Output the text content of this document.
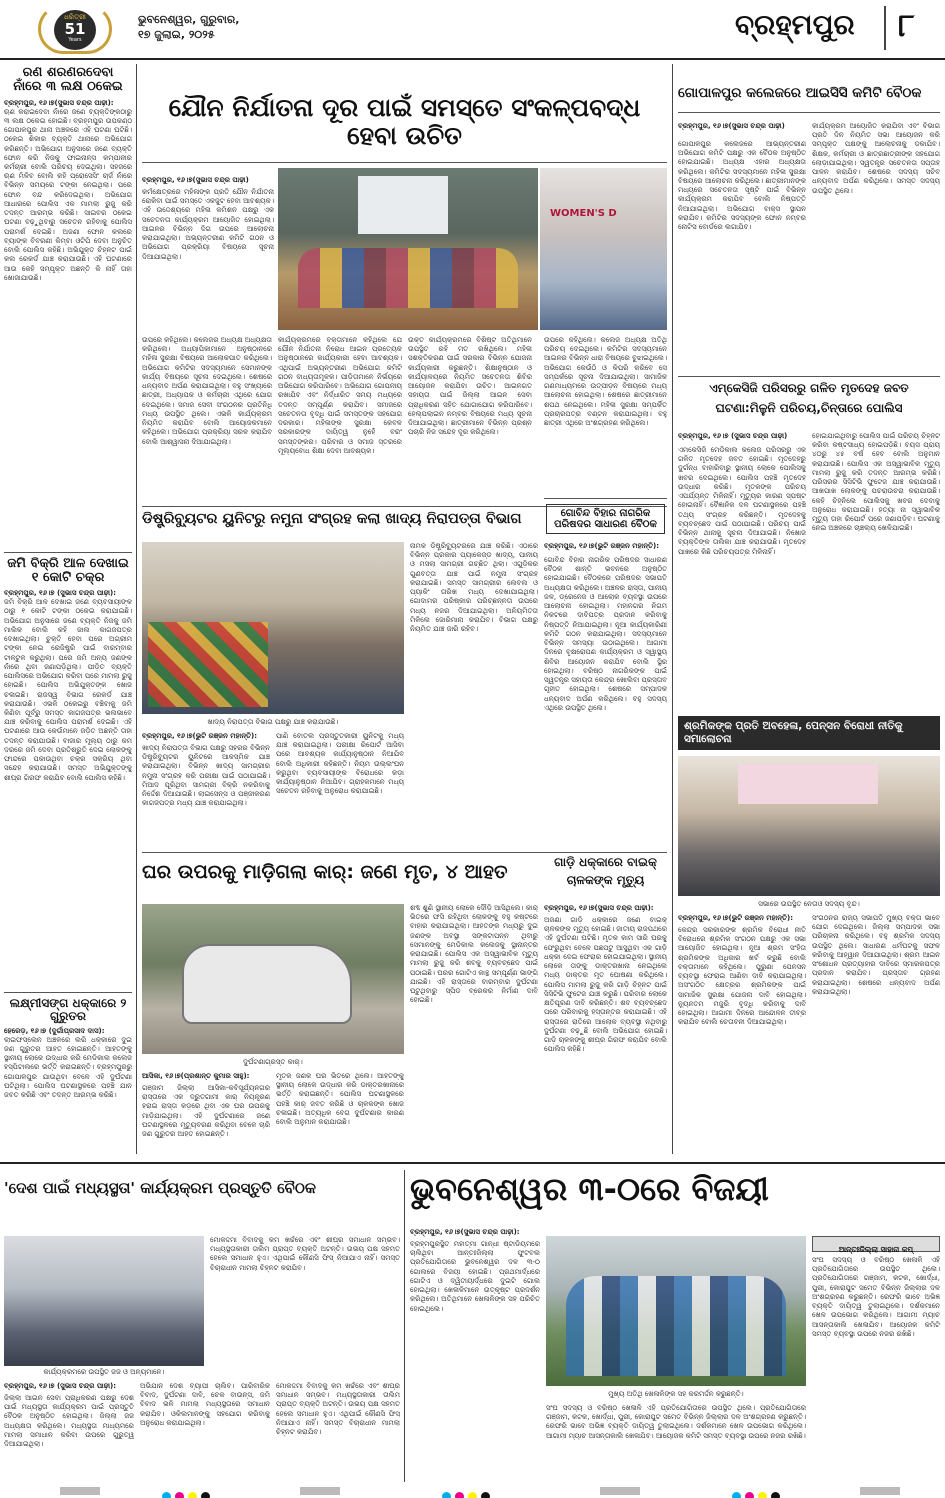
ଧରିତ୍ରୀ
51
Years
ଭୁବନେଶ୍ୱର, ଗୁରୁବାର,
୧୭ ଜୁଲାଇ, ୨୦୨୫	ବ୍ରହ୍ମପୁର ୮
ରଣ ଶରଣରଦେବା
ନାଁରେ ୩ ଲକ୍ଷ ଠକେଇ
ବ୍ରହ୍ମପୁର, ୧୬।୭(ସୁଭାସ ଚନ୍ଦ୍ର ପାଢ଼ୀ):
ଋଣ କରାଇଦେବା ନାଁରେ ଜଣେ ବ୍ୟକ୍ତିଙ୍କଠାରୁ ୩ ଲକ୍ଷ ଠକେଇ ହୋଇଛି। ବ୍ରହ୍ମପୁର ଉପକଣ୍ଠ ଗୋପାଳପୁର ଥାନା ଅଞ୍ଚଳରେ ଏହି ଘଟଣା ଘଟିଛି। ଠକେଇ ଶିକାର ବ୍ୟକ୍ତି ଥାନାରେ ଅଭିଯୋଗ କରିଛନ୍ତି। ଅଭିଯୋଗ ଅନୁସାରେ ଜଣେ ବ୍ୟକ୍ତି ଫୋନ କରି ନିଜକୁ ଫାଇନାନ୍ସ କମ୍ପାନୀର କର୍ମଚାରୀ ବୋଲି ପରିଚୟ ଦେଇଥିଲା। ସହଜରେ ଋଣ ମିଳିବ ବୋଲି କହି ପ୍ରୋସେସିଂ ଚାର୍ଜ ନାଁରେ ବିଭିନ୍ନ ସମୟରେ ଟଙ୍କା ନେଇଥିଲା। ପରେ ଫୋନ ବନ୍ଦ କରିଦେଇଥିଲା। ଅଭିଯୋଗ ଆଧାରରେ ପୋଲିସ ଏକ ମାମଲା ରୁଜୁ କରି ତଦନ୍ତ ଆରମ୍ଭ କରିଛି। ସାଇବର ଠକେଇ ଘଟଣା ବଢ଼ୁଥିବାରୁ ସଚେତନ ରହିବାକୁ ପୋଲିସ ପରାମର୍ଶ ଦେଇଛି। ଅଜଣା ଫୋନ କଲରେ ବ୍ୟାଙ୍କ ବିବରଣୀ କିମ୍ବା ଓଟିପି ଦେବା ଅନୁଚିତ ବୋଲି ପୋଲିସ କହିଛି। ଅଭିଯୁକ୍ତ ଚିହ୍ନଟ ପାଇଁ କଲ ରେକର୍ଡ ଯାଞ୍ଚ କରାଯାଉଛି। ଏହି ଘଟଣାରେ ଆଉ କେହି ସମ୍ପୃକ୍ତ ଅଛନ୍ତି କି ନାହିଁ ତାହା ଖୋଜାଯାଉଛି।
ଜମି ବିକ୍ରି ଆଳ ଦେଖାଇ
୧ କୋଟି ଚକ୍ର
ବ୍ରହ୍ମପୁର, ୧୬।୭ (ସୁଭାସ ଚନ୍ଦ୍ର ପାଢ଼ୀ):
ଜମି ବିକ୍ରି ଆଳ ଦେଖାଇ ଜଣେ ବ୍ୟବସାୟୀଙ୍କ ଠାରୁ ୧ କୋଟି ଟଙ୍କା ଠକେଇ କରାଯାଇଛି। ଅଭିଯୋଗ ଅନୁସାରେ ଜଣେ ବ୍ୟକ୍ତି ନିଜକୁ ଜମି ମାଲିକ ବୋଲି କହି ଜାଲ କାଗଜପତ୍ର ଦେଖାଇଥିଲା। ଚୁକ୍ତି ହେବା ପରେ ଅଗ୍ରୀମ ଟଙ୍କା ନେଇ ରେଜିଷ୍ଟ୍ରି ପାଇଁ ବାରମ୍ବାର ଟାଳଟୁଳ କରୁଥିଲା। ପରେ ଜମି ଅନ୍ୟ ଜଣଙ୍କ ନାଁରେ ଥିବା ଜଣାପଡ଼ିଥିଲା। ପୀଡ଼ିତ ବ୍ୟକ୍ତି ପୋଲିସରେ ଅଭିଯୋଗ କରିବା ପରେ ମାମଲା ରୁଜୁ ହୋଇଛି। ପୋଲିସ ଅଭିଯୁକ୍ତଙ୍କ ଖୋଜ ଚଳାଇଛି। ରାଜସ୍ୱ ବିଭାଗ ରେକର୍ଡ ଯାଞ୍ଚ କରାଯାଉଛି। ଏଭଳି ଠକେଇରୁ ବଞ୍ଚିବାକୁ ଜମି କିଣିବା ପୂର୍ବରୁ ସମସ୍ତ କାଗଜପତ୍ର ଭଲଭାବେ ଯାଞ୍ଚ କରିବାକୁ ପୋଲିସ ପରାମର୍ଶ ଦେଇଛି। ଏହି ଘଟଣାରେ ଆଉ କେଉଁମାନେ ଜଡ଼ିତ ଅଛନ୍ତି ତାହା ତଦନ୍ତ କରାଯାଉଛି। ବାଜାର ମୂଲ୍ୟ ଠାରୁ କମ ଦରରେ ଜମି ଦେବା ପ୍ରତିଶ୍ରୁତି ଦେଇ ଲୋକଙ୍କୁ ଫାନ୍ଦରେ ପକାଉଥିବା ଚକ୍ର ସକ୍ରିୟ ଥିବା ସନ୍ଦେହ କରାଯାଉଛି। ସମସ୍ତ ଅଭିଯୁକ୍ତଙ୍କୁ ଶୀଘ୍ର ଗିରଫ କରାଯିବ ବୋଲି ପୋଲିସ କହିଛି।
ଲକ୍ଷ୍ମୀସଙ୍ଗ ଧକ୍କାରେ ୨ ଗୁରୁତର
ହେରେଡ଼, ୧୬।୭ (ଦୁର୍ଗାପ୍ରସାଦ ଦାସ):
ଲାଇଫସ୍ଲେନ ଅଞ୍ଚଳରେ ଲରି ଧକ୍କାରେ ଦୁଇ ଜଣ ଗୁରୁତର ଆହତ ହୋଇଛନ୍ତି। ଆହତଙ୍କୁ ସ୍ଥାନୀୟ ଲୋକେ ଉଦ୍ଧାର କରି ମେଡିକାଲ କଲେଜ ହସ୍ପିଟାଲରେ ଭର୍ତ୍ତି କରାଇଛନ୍ତି। ବ୍ରହ୍ମପୁରରୁ ଗୋପାଳପୁର ଯାଉଥିବା ବେଳେ ଏହି ଦୁର୍ଘଟଣା ଘଟିଥିଲା। ପୋଲିସ ଘଟଣାସ୍ଥଳରେ ପହଞ୍ଚି ଯାନ ଜବତ କରିଛି ଏବଂ ତଦନ୍ତ ଆରମ୍ଭ କରିଛି।
ଯୌନ ନିର୍ଯାତନା ଦୂର ପାଇଁ ସମସ୍ତେ ସଂକଳ୍ପବଦ୍ଧ ହେବା ଉଚିତ
ବ୍ରହ୍ମପୁର, ୧୬।୭(ସୁଭାସ ଚନ୍ଦ୍ର ପାଢ଼ୀ)
କର୍ମକ୍ଷେତ୍ରରେ ମହିଳାଙ୍କ ପ୍ରତି ଯୌନ ନିର୍ଯାତନା ରୋକିବା ପାଇଁ ସମସ୍ତେ ଏକଜୁଟ ହେବା ଆବଶ୍ୟକ। ଏହି ଉଦ୍ଦେଶ୍ୟରେ ମହିଳା କମିଶନ ପକ୍ଷରୁ ଏକ ସଚେତନତା କାର୍ଯ୍ୟକ୍ରମ ଆୟୋଜିତ ହୋଇଥିଲା। ଆଇନର ବିଭିନ୍ନ ଦିଗ ଉପରେ ଆଲୋଚନା କରାଯାଇଥିଲା। ଅଭ୍ୟନ୍ତରୀଣ କମିଟି ଗଠନ ଓ ଅଭିଯୋଗ ପ୍ରକ୍ରିୟା ବିଷୟରେ ସୂଚନା ଦିଆଯାଇଥିଲା।
WOMEN'S D
କାର୍ଯ୍ୟକ୍ରମରେ ବକ୍ତାମାନେ କହିଥିଲେ ଯେ ଯୌନ ନିର୍ଯାତନା ନିରୋଧ ଆଇନ ପ୍ରତ୍ୟେକ ଅନୁଷ୍ଠାନରେ କାର୍ଯ୍ୟକାରୀ ହେବା ଆବଶ୍ୟକ। ଏଥିପାଇଁ ଅଭ୍ୟନ୍ତରୀଣ ଅଭିଯୋଗ କମିଟି ଗଠନ ବାଧ୍ୟତାମୂଳକ। ପୀଡ଼ିତାମାନେ ନିର୍ଭୟରେ ଅଭିଯୋଗ କରିପାରିବେ। ଅଭିଯୋଗ ଗୋପନୀୟ ରଖାଯିବ ଏବଂ ନିର୍ଦ୍ଧାରିତ ସମୟ ମଧ୍ୟରେ ତଦନ୍ତ ସମ୍ପୂର୍ଣ୍ଣ କରାଯିବ। ସମାଜରେ ସଚେତନତା ବୃଦ୍ଧି ପାଇଁ ସମସ୍ତଙ୍କ ସହଯୋଗ ଦରକାର। ମହିଳାଙ୍କ ସୁରକ୍ଷା କେବଳ ସରକାରଙ୍କ ଦାୟିତ୍ୱ ନୁହେଁ ବରଂ ସମସ୍ତଙ୍କର। ପରିବାର ଓ ସମାଜ ସ୍ତରରେ ମୂଲ୍ୟବୋଧ ଶିକ୍ଷା ଦେବା ଆବଶ୍ୟକ।
ଉକ୍ତ କାର୍ଯ୍ୟକ୍ରମରେ ବିଶିଷ୍ଟ ଅତିଥିମାନେ ଉପସ୍ଥିତ ରହି ମତ ରଖିଥିଲେ। ମହିଳା ସଶକ୍ତିକରଣ ପାଇଁ ସରକାର ବିଭିନ୍ନ ଯୋଜନା କାର୍ଯ୍ୟକାରୀ କରୁଛନ୍ତି। ଶିକ୍ଷାନୁଷ୍ଠାନ ଓ କାର୍ଯ୍ୟାଳୟରେ ନିୟମିତ ସଚେତନତା ଶିବିର ଆୟୋଜନ କରାଯିବା ଉଚିତ। ଆଇନଗତ ସହାୟତା ପାଇଁ ଜିଲ୍ଲା ଆଇନ ସେବା ପ୍ରାଧିକରଣ ସହିତ ଯୋଗାଯୋଗ କରିପାରିବେ। ହେଲ୍ପଲାଇନ ନମ୍ବର ବିଷୟରେ ମଧ୍ୟ ସୂଚନା ଦିଆଯାଇଥିଲା। ଛାତ୍ରୀମାନେ ବିଭିନ୍ନ ପ୍ରଶ୍ନ ପଚାରି ନିଜ ସନ୍ଦେହ ଦୂର କରିଥିଲେ।
ଉପରେ କହିଥିଲେ। କଲେଜର ଅଧ୍ୟକ୍ଷ ଅଧ୍ୟକ୍ଷତା କରିଥିଲେ। ଅଧ୍ୟାପିକାମାନେ ଅନୁଷ୍ଠାନରେ ମହିଳା ସୁରକ୍ଷା ବିଷୟରେ ଆଲୋକପାତ କରିଥିଲେ। ଅଭିଯୋଗ କମିଟିର ସଦସ୍ୟମାନେ ସେମାନଙ୍କ କାର୍ଯ୍ୟ ବିଷୟରେ ସୂଚନା ଦେଇଥିଲେ। ଶେଷରେ ଧନ୍ୟବାଦ ଅର୍ପଣ କରାଯାଇଥିଲା। ବହୁ ସଂଖ୍ୟାରେ ଛାତ୍ରୀ, ଅଧ୍ୟାପକ ଓ କର୍ମଚାରୀ ଏଥିରେ ଯୋଗ ଦେଇଥିଲେ। ସମାଜ ସେବୀ ସଂଗଠନର ପ୍ରତିନିଧି ମଧ୍ୟ ଉପସ୍ଥିତ ଥିଲେ। ଏଭଳି କାର୍ଯ୍ୟକ୍ରମ ନିୟମିତ କରାଯିବ ବୋଲି ଆୟୋଜକମାନେ କହିଥିଲେ। ଅଭିଯୋଗ ପ୍ରକ୍ରିୟା ସରଳ କରାଯିବ ବୋଲି ଆଶ୍ୱାସନା ଦିଆଯାଇଥିଲା।
ଉପରେ କହିଥିଲେ। କଲେଜ ଅଧ୍ୟକ୍ଷ ଅତିଥି ପରିଚୟ ଦେଇଥିଲେ। କମିଟିର ସଦସ୍ୟମାନେ ଆଇନର ବିଭିନ୍ନ ଧାରା ବିଷୟରେ ବୁଝାଇଥିଲେ। ଅଭିଯୋଗ କେଉଁଠି ଓ କିପରି କରିବେ ସେ ସମ୍ପର୍କରେ ସୂଚନା ଦିଆଯାଇଥିଲା। ସାମାଜିକ ଗଣମାଧ୍ୟମରେ ଉତ୍ପୀଡ଼ନ ବିଷୟରେ ମଧ୍ୟ ଆଲୋଚନା ହୋଇଥିଲା। ଶେଷରେ ଛାତ୍ରୀମାନେ ଶପଥ ନେଇଥିଲେ। ମହିଳା ସୁରକ୍ଷା ସମ୍ପର୍କିତ ପ୍ରଚାରପତ୍ର ବଣ୍ଟନ କରାଯାଇଥିଲା। ବହୁ ଛାତ୍ରୀ ଏଥିରେ ଅଂଶଗ୍ରହଣ କରିଥିଲେ।
ଡିଷ୍ଟ୍ରିବ୍ୟୁଟର ୟୁନିଟରୁ ନମୁନା ସଂଗ୍ରହ କଲା ଖାଦ୍ୟ ନିରାପତ୍ତା ବିଭାଗ
ଖାଦ୍ୟ ନିରାପତ୍ତା ବିଭାଗ ପକ୍ଷରୁ ଯାଞ୍ଚ କରାଯାଉଛି।
ବ୍ରହ୍ମପୁର, ୧୬।୭(ଭୁଟି ରଞ୍ଜନ ମହାନ୍ତି):
ଖାଦ୍ୟ ନିରାପତ୍ତା ବିଭାଗ ପକ୍ଷରୁ ସହରର ବିଭିନ୍ନ ଡିଷ୍ଟ୍ରିବ୍ୟୁଟର ୟୁନିଟରେ ଆକସ୍ମିକ ଯାଞ୍ଚ କରାଯାଇଥିଲା। ବିଭିନ୍ନ ଖାଦ୍ୟ ସାମଗ୍ରୀର ନମୁନା ସଂଗ୍ରହ କରି ପରୀକ୍ଷା ପାଇଁ ପଠାଯାଇଛି। ମିଆଦ ପୂରିଥିବା ସାମଗ୍ରୀ ବିକ୍ରି ନକରିବାକୁ ନିର୍ଦ୍ଦେଶ ଦିଆଯାଇଛି। ଲାଇସେନ୍ସ ଓ ପଞ୍ଜୀକରଣ କାଗଜପତ୍ର ମଧ୍ୟ ଯାଞ୍ଚ କରାଯାଇଥିଲା।
ପାଣି ବୋତଲ ପ୍ରସ୍ତୁତକାରୀ ୟୁନିଟକୁ ମଧ୍ୟ ଯାଞ୍ଚ କରାଯାଇଥିଲା। ପରୀକ୍ଷା ରିପୋର୍ଟ ଆସିବା ପରେ ଆବଶ୍ୟକ କାର୍ଯ୍ୟାନୁଷ୍ଠାନ ନିଆଯିବ ବୋଲି ଅଧିକାରୀ କହିଛନ୍ତି। ନିୟମ ଉଲ୍ଲଂଘନ କରୁଥିବା ବ୍ୟବସାୟୀଙ୍କ ବିରୋଧରେ କଡ଼ା କାର୍ଯ୍ୟାନୁଷ୍ଠାନ ନିଆଯିବ। ଗ୍ରାହକମାନେ ମଧ୍ୟ ସଚେତନ ରହିବାକୁ ଅନୁରୋଧ କରାଯାଇଛି।
ନାମକ ଡିଷ୍ଟ୍ରିବ୍ୟୁଟରରେ ଯାଞ୍ଚ କରିଛି। ଏଠାରେ ବିଭିନ୍ନ ପ୍ରକାର ପ୍ୟାକେଜ୍ଡ ଖାଦ୍ୟ, ପାନୀୟ ଓ ମସଲା ସାମଗ୍ରୀ ଗଚ୍ଛିତ ଥିଲା। ଏଗୁଡ଼ିକର ଗୁଣବତ୍ତା ଯାଞ୍ଚ ପାଇଁ ନମୁନା ସଂଗ୍ରହ କରାଯାଇଛି। ସମସ୍ତ ସାମଗ୍ରୀର ଲେବଲ ଓ ପ୍ୟାକିଂ ତାରିଖ ମଧ୍ୟ ଦେଖାଯାଇଥିଲା। ଗୋଦାମର ପରିଷ୍କାର ପରିଚ୍ଛନ୍ନତା ଉପରେ ମଧ୍ୟ ନଜର ଦିଆଯାଇଥିଲା। ଅନିୟମିତତା ମିଳିଲେ ଜୋରିମାନା କରାଯିବ। ବିଭାଗ ପକ୍ଷରୁ ନିୟମିତ ଯାଞ୍ଚ ଜାରି ରହିବ।
ଗୋବିନ୍ଦ ବିହାର ନାଗରିକ
ପରିଷଦର ସାଧାରଣ ବୈଠକ
ବ୍ରହ୍ମପୁର, ୧୬।୭(ଭୁଟି ରଞ୍ଜନ ମହାନ୍ତି):
ଗୋବିନ୍ଦ ବିହାର ନାଗରିକ ପରିଷଦର ସାଧାରଣ ବୈଠକ ଶାନ୍ତି ଭବନରେ ଅନୁଷ୍ଠିତ ହୋଇଯାଇଛି। ବୈଠକରେ ପରିଷଦର ସଭାପତି ଅଧ୍ୟକ୍ଷତା କରିଥିଲେ। ଅଞ୍ଚଳର ରାସ୍ତା, ପାନୀୟ ଜଳ, ଡ୍ରେନେଜ ଓ ଆଲୋକ ବ୍ୟବସ୍ଥା ଉପରେ ଆଲୋଚନା ହୋଇଥିଲା। ମହାନଗର ନିଗମ ନିକଟରେ ଦାବିପତ୍ର ପ୍ରଦାନ କରିବାକୁ ନିଷ୍ପତ୍ତି ନିଆଯାଇଥିଲା। ନୂଆ କାର୍ଯ୍ୟକାରିଣୀ କମିଟି ଗଠନ କରାଯାଇଥିଲା। ସଦସ୍ୟମାନେ ବିଭିନ୍ନ ସମସ୍ୟା ଉଠାଇଥିଲେ। ଆଗାମୀ ଦିନରେ ବୃକ୍ଷରୋପଣ କାର୍ଯ୍ୟକ୍ରମ ଓ ସ୍ୱାସ୍ଥ୍ୟ ଶିବିର ଆୟୋଜନ କରାଯିବ ବୋଲି ସ୍ଥିର ହୋଇଥିଲା। ବରିଷ୍ଠ ନାଗରିକଙ୍କ ପାଇଁ ସ୍ୱତନ୍ତ୍ର ସହାୟତା କେନ୍ଦ୍ର ଖୋଲିବା ପ୍ରସ୍ତାବ ଗୃହୀତ ହୋଇଥିଲା। ଶେଷରେ ସମ୍ପାଦକ ଧନ୍ୟବାଦ ଅର୍ପଣ କରିଥିଲେ। ବହୁ ସଦସ୍ୟ ଏଥିରେ ଉପସ୍ଥିତ ଥିଲେ।
ଘର ଉପରକୁ ମାଡ଼ିଗଲା କାର୍‌: ଜଣେ ମୃତ, ୪ ଆହତ
ଦୁର୍ଘଟଣାଗ୍ରସ୍ତ କାର୍।
ଶବ୍ଦ ଶୁଣି ସ୍ଥାନୀୟ ଲୋକେ ଦୌଡ଼ି ଆସିଥିଲେ। କାର୍ ଭିତରେ ଫସି ରହିଥିବା ଲୋକଙ୍କୁ ବହୁ କଷ୍ଟରେ ବାହାର କରାଯାଇଥିଲା। ଆହତଙ୍କ ମଧ୍ୟରୁ ଦୁଇ ଜଣଙ୍କ ଅବସ୍ଥା ସଙ୍କଟାପନ୍ନ ଥିବାରୁ ସେମାନଙ୍କୁ ମେଡିକାଲ କଲେଜକୁ ସ୍ଥାନାନ୍ତର କରାଯାଇଛି। ପୋଲିସ ଏକ ଅସ୍ୱାଭାବିକ ମୃତ୍ୟୁ ମାମଲା ରୁଜୁ କରି ଶବକୁ ବ୍ୟବଚ୍ଛେଦ ପାଇଁ ପଠାଇଛି। ଘରର ଗୋଟିଏ କାନ୍ଥ ସମ୍ପୂର୍ଣ୍ଣ ଭାଙ୍ଗି ଯାଇଛି। ଏହି ରାସ୍ତାରେ ବାରମ୍ବାର ଦୁର୍ଘଟଣା ଘଟୁଥିବାରୁ ସ୍ପିଡ ବ୍ରେକର ନିର୍ମାଣ ଦାବି ହୋଇଛି।
ଆସିକା, ୧୬।୭(ପ୍ରଶାନ୍ତ କୁମାର ସାହୁ):
ଗଞ୍ଜାମ ଜିଲ୍ଲା ଆସିକା-କବିସୂର୍ଯ୍ୟନଗର ରାସ୍ତାରେ ଏକ ଦ୍ରୁତଗାମୀ କାର୍ ନିୟନ୍ତ୍ରଣ ହରାଇ ରାସ୍ତା କଡ଼ରେ ଥିବା ଏକ ଘର ଉପରକୁ ମାଡ଼ିଯାଇଥିଲା। ଏହି ଦୁର୍ଘଟଣାରେ ଜଣେ ଘଟଣାସ୍ଥଳରେ ମୃତ୍ୟୁବରଣ କରିଥିବା ବେଳେ ଚାରି ଜଣ ଗୁରୁତର ଆହତ ହୋଇଛନ୍ତି।
ମୃତକ ଜଣକ ଘର ଭିତରେ ଥିଲେ। ଆହତଙ୍କୁ ସ୍ଥାନୀୟ ଲୋକେ ଉଦ୍ଧାର କରି ଡାକ୍ତରଖାନାରେ ଭର୍ତ୍ତି କରାଇଛନ୍ତି। ପୋଲିସ ଘଟଣାସ୍ଥଳରେ ପହଞ୍ଚି କାର୍ ଜବତ କରିଛି ଓ ଚାଳକଙ୍କ ଖୋଜ ଚଳାଇଛି। ଅତ୍ୟଧିକ ବେଗ ଦୁର୍ଘଟଣାର କାରଣ ବୋଲି ଅନୁମାନ କରାଯାଉଛି।
ଗାଡ଼ି ଧକ୍କାରେ ବାଇକ୍
ଚାଳକଙ୍କ ମୃତ୍ୟୁ
ବ୍ରହ୍ମପୁର, ୧୬।୭(ସୁଭାସ ଚନ୍ଦ୍ର ପାଢ଼ୀ):
ଅଜଣା ଗାଡ଼ି ଧକ୍କାରେ ଜଣେ ବାଇକ୍ ଚାଳକଙ୍କ ମୃତ୍ୟୁ ହୋଇଛି। ଜାତୀୟ ରାଜପଥରେ ଏହି ଦୁର୍ଘଟଣା ଘଟିଛି। ମୃତକ କାମ ସାରି ଘରକୁ ଫେରୁଥିବା ବେଳେ ପଛପଟୁ ଆସୁଥିବା ଏକ ଗାଡ଼ି ଧକ୍କା ଦେଇ ଫେରାର ହୋଇଯାଇଥିଲା। ସ୍ଥାନୀୟ ଲୋକେ ତାଙ୍କୁ ଡାକ୍ତରଖାନା ନେଇଥିଲେ ମଧ୍ୟ ଡାକ୍ତର ମୃତ ଘୋଷଣା କରିଥିଲେ। ପୋଲିସ ମାମଲା ରୁଜୁ କରି ଗାଡ଼ି ଚିହ୍ନଟ ପାଇଁ ସିସିଟିଭି ଫୁଟେଜ ଯାଞ୍ଚ କରୁଛି। ପରିବାର ଲୋକେ କ୍ଷତିପୂରଣ ଦାବି କରିଛନ୍ତି। ଶବ ବ୍ୟବଚ୍ଛେଦ ପରେ ପରିବାରକୁ ହସ୍ତାନ୍ତର କରାଯାଇଛି। ଏହି ରାସ୍ତାରେ ରାତିରେ ଆଲୋକ ବ୍ୟବସ୍ଥା ନଥିବାରୁ ଦୁର୍ଘଟଣା ବଢ଼ୁଛି ବୋଲି ଅଭିଯୋଗ ହୋଇଛି। ଗାଡ଼ି ଚାଳକଙ୍କୁ ଶୀଘ୍ର ଗିରଫ କରାଯିବ ବୋଲି ପୋଲିସ କହିଛି।
ଗୋପାଳପୁର କଲେଜରେ ଆଇସିସି କମିଟି ବୈଠକ
ବ୍ରହ୍ମପୁର, ୧୬।୭(ସୁଭାସ ଚନ୍ଦ୍ର ପାଢ଼ୀ)
ଗୋପାଳପୁର କଲେଜରେ ଆଭ୍ୟନ୍ତରୀଣ ଅଭିଯୋଗ କମିଟି ପକ୍ଷରୁ ଏକ ବୈଠକ ଅନୁଷ୍ଠିତ ହୋଇଯାଇଛି। ଅଧ୍ୟକ୍ଷ ଏହାର ଅଧ୍ୟକ୍ଷତା କରିଥିଲେ। କମିଟିର ସଦସ୍ୟମାନେ ମହିଳା ସୁରକ୍ଷା ବିଷୟରେ ଆଲୋଚନା କରିଥିଲେ। ଛାତ୍ରୀମାନଙ୍କ ମଧ୍ୟରେ ସଚେତନତା ସୃଷ୍ଟି ପାଇଁ ବିଭିନ୍ନ କାର୍ଯ୍ୟକ୍ରମ କରାଯିବ ବୋଲି ନିଷ୍ପତ୍ତି ନିଆଯାଇଥିଲା। ଅଭିଯୋଗ ବାକ୍ସ ସ୍ଥାପନ କରାଯିବ। କମିଟିର ସଦସ୍ୟଙ୍କ ଫୋନ ନମ୍ବର ନୋଟିସ ବୋର୍ଡରେ ଲଗାଯିବ।
କାର୍ଯ୍ୟକ୍ରମ ଆୟୋଜିତ କରାଯିବା ଏବଂ ବିଭାଗ ପ୍ରତି ଦିନ ନିୟମିତ ସଭା ଆୟୋଜନ କରି ସମ୍ପୃକ୍ତ ପକ୍ଷଙ୍କୁ ଆଲୋଚନାକୁ ଡକାଯିବ। ଶିକ୍ଷକ, କର୍ମଚାରୀ ଓ ଛାତ୍ରଛାତ୍ରୀଙ୍କ ସହଯୋଗ ଲୋଡ଼ାଯାଇଥିଲା। ସ୍ୱତନ୍ତ୍ର ସଚେତନତା ସପ୍ତାହ ପାଳନ କରାଯିବ। ଶେଷରେ ସଦସ୍ୟ ସଚିବ ଧନ୍ୟବାଦ ଅର୍ପଣ କରିଥିଲେ। ସମସ୍ତ ସଦସ୍ୟ ଉପସ୍ଥିତ ଥିଲେ।
ଏମ୍‌କେସିଜି ପରିସରରୁ ଗଳିତ ମୃତଦେହ ଜବତ
ଘଟଣା:ମିଳୁନି ପରିଚୟ,ଚିନ୍ତାରେ ପୋଲିସ
ବ୍ରହ୍ମପୁର, ୧୬।୭ (ସୁଭାସ ଚନ୍ଦ୍ର ପାଢ଼ୀ)
ଏମକେସିଜି ମେଡିକାଲ କଲେଜ ପରିସରରୁ ଏକ ଗଳିତ ମୃତଦେହ ଜବତ ହୋଇଛି। ମୃତଦେହରୁ ଦୁର୍ଗନ୍ଧ ବାହାରିବାରୁ ସ୍ଥାନୀୟ ଲୋକେ ପୋଲିସକୁ ଖବର ଦେଇଥିଲେ। ପୋଲିସ ପହଞ୍ଚି ମୃତଦେହ ଉଦ୍ଧାର କରିଛି। ମୃତକଙ୍କ ପରିଚୟ ଏପର୍ଯ୍ୟନ୍ତ ମିଳିନାହିଁ। ମୃତ୍ୟୁର କାରଣ ସ୍ପଷ୍ଟ ହୋଇନାହିଁ। ବୈଜ୍ଞାନିକ ଦଳ ଘଟଣାସ୍ଥଳରେ ପହଞ୍ଚି ତଥ୍ୟ ସଂଗ୍ରହ କରିଛନ୍ତି। ମୃତଦେହକୁ ବ୍ୟବଚ୍ଛେଦ ପାଇଁ ପଠାଯାଇଛି। ପରିଚୟ ପାଇଁ ବିଭିନ୍ନ ଥାନାକୁ ସୂଚନା ଦିଆଯାଇଛି। ନିଖୋଜ ବ୍ୟକ୍ତିଙ୍କ ତାଲିକା ଯାଞ୍ଚ କରାଯାଉଛି। ମୃତଦେହ ପାଖରେ କିଛି ପରିଚୟପତ୍ର ମିଳିନାହିଁ।
ହୋଇଯାଇଥିବାରୁ ପୋଲିସ ପାଇଁ ପରିଚୟ ଚିହ୍ନଟ କରିବା କଷ୍ଟସାଧ୍ୟ ହୋଇପଡ଼ିଛି। ବୟସ ପ୍ରାୟ ୪୦ରୁ ୪୫ ବର୍ଷ ହେବ ବୋଲି ଅନୁମାନ କରାଯାଉଛି। ପୋଲିସ ଏକ ଅସ୍ୱାଭାବିକ ମୃତ୍ୟୁ ମାମଲା ରୁଜୁ କରି ତଦନ୍ତ ଆରମ୍ଭ କରିଛି। ପରିସରର ସିସିଟିଭି ଫୁଟେଜ ଯାଞ୍ଚ କରାଯାଉଛି। ଆଖପାଖ ଲୋକଙ୍କୁ ପଚରାଉଚରା କରାଯାଉଛି। କେହି ଚିହ୍ନିଲେ ପୋଲିସକୁ ଖବର ଦେବାକୁ ଅନୁରୋଧ କରାଯାଇଛି। ହତ୍ୟା ନା ସ୍ୱାଭାବିକ ମୃତ୍ୟୁ ତାହା ରିପୋର୍ଟ ପରେ ଜଣାପଡ଼ିବ। ଘଟଣାକୁ ନେଇ ଅଞ୍ଚଳରେ ଚାଞ୍ଚଲ୍ୟ ଖେଳିଯାଇଛି।
ଶ୍ରମିକଙ୍କ ପ୍ରତି ଅବହେଳା, ପେନ୍‌ସନ ବିରୋଧୀ ନୀତିକୁ ସମାଲୋଚନା
ସଭାରେ ଉପସ୍ଥିତ ନେତାଓ ସଦସ୍ୟ ବୃନ୍ଦ।
ବ୍ରହ୍ମପୁର, ୧୬।୭(ଭୁଟି ରଞ୍ଜନ ମହାନ୍ତି):
କେନ୍ଦ୍ର ସରକାରଙ୍କ ଶ୍ରମିକ ବିରୋଧୀ ନୀତି ବିରୋଧରେ ଶ୍ରମିକ ସଂଗଠନ ପକ୍ଷରୁ ଏକ ସଭା ଆୟୋଜିତ ହୋଇଥିଲା। ନୂଆ ଶ୍ରମ ସଂହିତା ଶ୍ରମିକଙ୍କ ଅଧିକାର ଖର୍ବ କରୁଛି ବୋଲି ବକ୍ତାମାନେ କହିଥିଲେ। ପୁରୁଣା ପେନସନ ବ୍ୟବସ୍ଥା ଫେରାଇ ଆଣିବା ଦାବି କରାଯାଇଥିଲା। ଅସଂଗଠିତ କ୍ଷେତ୍ରର ଶ୍ରମିକଙ୍କ ପାଇଁ ସାମାଜିକ ସୁରକ୍ଷା ଯୋଜନା ଦାବି ହୋଇଥିଲା। ନ୍ୟୁନତମ ମଜୁରି ବୃଦ୍ଧି କରିବାକୁ ଦାବି ହୋଇଥିଲା। ଆଗାମୀ ଦିନରେ ଆନ୍ଦୋଳନ ତୀବ୍ର କରାଯିବ ବୋଲି ଚେତାବନୀ ଦିଆଯାଇଥିଲା।
ସଂଗଠନର ରାଜ୍ୟ ସଭାପତି ମୁଖ୍ୟ ବକ୍ତା ଭାବେ ଯୋଗ ଦେଇଥିଲେ। ଜିଲ୍ଲା ସମ୍ପାଦକ ସଭା ପରିଚାଳନା କରିଥିଲେ। ବହୁ ଶ୍ରମିକ ସଦସ୍ୟ ଉପସ୍ଥିତ ଥିଲେ। ସାଧାରଣ ଧର୍ମଘଟକୁ ସଫଳ କରିବାକୁ ଆହ୍ୱାନ ଦିଆଯାଇଥିଲା। ଶ୍ରମ ଆଇନ ସଂଶୋଧନ ପ୍ରତ୍ୟାହାର ଦାବିରେ ସ୍ମାରକପତ୍ର ପ୍ରଦାନ କରାଯିବ। ପ୍ରସ୍ତାବ ଗ୍ରହଣ କରାଯାଇଥିଲା। ଶେଷରେ ଧନ୍ୟବାଦ ଅର୍ପଣ କରାଯାଇଥିଲା।
'ଦେଶ ପାଇଁ ମଧ୍ୟସ୍ଥତା' କାର୍ଯ୍ୟକ୍ରମ ପ୍ରସ୍ତୁତି ବୈଠକ
କାର୍ଯ୍ୟକ୍ରମରେ ଉପସ୍ଥିତ ଜଜ ଓ ଅନ୍ୟମାନେ।
ମୋକଦ୍ଦମା ବିବାଦକୁ କମ ଖର୍ଚ୍ଚରେ ଏବଂ ଶୀଘ୍ର ସମାଧାନ ସମ୍ଭବ। ମଧ୍ୟସ୍ଥତାକାରୀ ତାଲିମ ପ୍ରାପ୍ତ ବ୍ୟକ୍ତି ଅଟନ୍ତି। ଉଭୟ ପକ୍ଷ ସହମତ ହେଲେ ସମାଧାନ ହୁଏ। ଏଥିପାଇଁ କୌଣସି ଫିସ୍ ନିଆଯାଏ ନାହିଁ। ସମସ୍ତ ବିଚାରାଧୀନ ମାମଲା ଚିହ୍ନଟ କରାଯିବ।
ବ୍ରହ୍ମପୁର, ୧୬।୭ (ସୁଭାସ ଚନ୍ଦ୍ର ପାଢ଼ୀ):
ଜିଲ୍ଲା ଆଇନ ସେବା ପ୍ରାଧିକରଣ ପକ୍ଷରୁ ଦେଶ ପାଇଁ ମଧ୍ୟସ୍ଥତା କାର୍ଯ୍ୟକ୍ରମ ପାଇଁ ପ୍ରସ୍ତୁତି ବୈଠକ ଅନୁଷ୍ଠିତ ହୋଇଥିଲା। ଜିଲ୍ଲା ଜଜ ଅଧ୍ୟକ୍ଷତା କରିଥିଲେ। ମଧ୍ୟସ୍ଥତା ମାଧ୍ୟମରେ ମାମଲା ସମାଧାନ କରିବା ଉପରେ ଗୁରୁତ୍ୱ ଦିଆଯାଇଥିଲା।
ଅଭିଯାନ ଦେଶ ବ୍ୟାପୀ ଚାଲିବ। ପାରିବାରିକ ବିବାଦ, ଦୁର୍ଘଟଣା ଦାବି, ଚେକ ବାଉନ୍ସ, ଜମି ବିବାଦ ଭଳି ମାମଲା ମଧ୍ୟସ୍ଥତାରେ ସମାଧାନ କରାଯିବ। ଓକିଲମାନଙ୍କୁ ସହଯୋଗ କରିବାକୁ ଅନୁରୋଧ କରାଯାଇଥିଲା।
ମୋକଦ୍ଦମା ବିବାଦକୁ କମ ଖର୍ଚ୍ଚରେ ଏବଂ ଶୀଘ୍ର ସମାଧାନ ସମ୍ଭବ। ମଧ୍ୟସ୍ଥତାକାରୀ ତାଲିମ ପ୍ରାପ୍ତ ବ୍ୟକ୍ତି ଅଟନ୍ତି। ଉଭୟ ପକ୍ଷ ସହମତ ହେଲେ ସମାଧାନ ହୁଏ। ଏଥିପାଇଁ କୌଣସି ଫିସ୍ ନିଆଯାଏ ନାହିଁ। ସମସ୍ତ ବିଚାରାଧୀନ ମାମଲା ଚିହ୍ନଟ କରାଯିବ।
ଭୁବନେଶ୍ୱର ୩-୦ରେ ବିଜୟୀ
ବ୍ରହ୍ମପୁର, ୧୬।୭(ସୁଭାସ ଚନ୍ଦ୍ର ପାଢ଼ୀ):
ବ୍ରହ୍ମପୁରସ୍ଥିତ ମହାତ୍ମା ଗାନ୍ଧୀ ଷ୍ଟାଡିୟମରେ ଚାଲିଥିବା ଆନ୍ତଃଜିଲ୍ଲା ଫୁଟବଲ ପ୍ରତିଯୋଗିତାରେ ଭୁବନେଶ୍ୱର ଦଳ ୩-୦ ଗୋଲରେ ବିଜୟୀ ହୋଇଛି। ପ୍ରଥମାର୍ଦ୍ଧରେ ଗୋଟିଏ ଓ ଦ୍ୱିତୀୟାର୍ଦ୍ଧରେ ଦୁଇଟି ଗୋଲ ହୋଇଥିଲା। ଖେଳାଳିମାନେ ଉତ୍କୃଷ୍ଟ ପ୍ରଦର୍ଶନ କରିଥିଲେ। ଅତିଥିମାନେ ଖେଳାଳିଙ୍କ ସହ ପରିଚିତ ହୋଇଥିଲେ।
ମୁଖ୍ୟ ଅତିଥି ଖେଳାଳିଙ୍କ ସହ କରମର୍ଦ୍ଦନ କରୁଛନ୍ତି।
ସଂଘ ସଦସ୍ୟ ଓ ବରିଷ୍ଠ ଖେଳାଳି ଏହି ପ୍ରତିଯୋଗିତାରେ ଉପସ୍ଥିତ ଥିଲେ। ପ୍ରତିଯୋଗିତାରେ ଗଞ୍ଜାମ, କଟକ, ଖୋର୍ଦ୍ଧା, ପୁରୀ, କୋରାପୁଟ ସମେତ ବିଭିନ୍ନ ଜିଲ୍ଲାର ଦଳ ଅଂଶଗ୍ରହଣ କରୁଛନ୍ତି। ରେଫରି ଭାବେ ଅଭିଜ୍ଞ ବ୍ୟକ୍ତି ଦାୟିତ୍ୱ ତୁଲାଇଥିଲେ। ଦର୍ଶକମାନେ ଖେଳ ଉପଭୋଗ କରିଥିଲେ। ଆଗାମୀ ମ୍ୟାଚ ଆସନ୍ତାକାଲି ଖେଳାଯିବ। ଆୟୋଜକ କମିଟି ସମସ୍ତ ବ୍ୟବସ୍ଥା ଉପରେ ନଜର ରଖିଛି।
ଆନ୍ତଃଜିଲ୍ଲା ସାହାନା କପ୍
ସଂଘ ସଦସ୍ୟ ଓ ବରିଷ୍ଠ ଖେଳାଳି ଏହି ପ୍ରତିଯୋଗିତାରେ ଉପସ୍ଥିତ ଥିଲେ। ପ୍ରତିଯୋଗିତାରେ ଗଞ୍ଜାମ, କଟକ, ଖୋର୍ଦ୍ଧା, ପୁରୀ, କୋରାପୁଟ ସମେତ ବିଭିନ୍ନ ଜିଲ୍ଲାର ଦଳ ଅଂଶଗ୍ରହଣ କରୁଛନ୍ତି। ରେଫରି ଭାବେ ଅଭିଜ୍ଞ ବ୍ୟକ୍ତି ଦାୟିତ୍ୱ ତୁଲାଇଥିଲେ। ଦର୍ଶକମାନେ ଖେଳ ଉପଭୋଗ କରିଥିଲେ। ଆଗାମୀ ମ୍ୟାଚ ଆସନ୍ତାକାଲି ଖେଳାଯିବ। ଆୟୋଜକ କମିଟି ସମସ୍ତ ବ୍ୟବସ୍ଥା ଉପରେ ନଜର ରଖିଛି।
